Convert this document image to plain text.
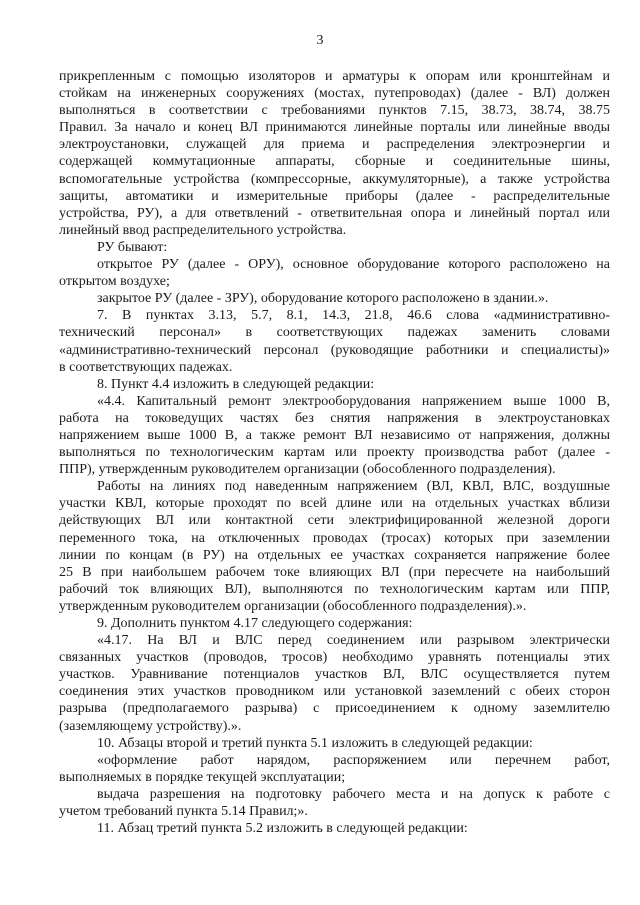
3
прикрепленным с помощью изоляторов и арматуры к опорам или кронштейнам и
стойкам на инженерных сооружениях (мостах, путепроводах) (далее - ВЛ) должен
выполняться в соответствии с требованиями пунктов 7.15, 38.73, 38.74, 38.75
Правил. За начало и конец ВЛ принимаются линейные порталы или линейные вводы
электроустановки, служащей для приема и распределения электроэнергии и
содержащей коммутационные аппараты, сборные и соединительные шины,
вспомогательные устройства (компрессорные, аккумуляторные), а также устройства
защиты, автоматики и измерительные приборы (далее - распределительные
устройства, РУ), а для ответвлений - ответвительная опора и линейный портал или
линейный ввод распределительного устройства.
РУ бывают:
открытое РУ (далее - ОРУ), основное оборудование которого расположено на
открытом воздухе;
закрытое РУ (далее - ЗРУ), оборудование которого расположено в здании.».
7. В пунктах 3.13, 5.7, 8.1, 14.3, 21.8, 46.6 слова «административно-
технический персонал» в соответствующих падежах заменить словами
«административно-технический персонал (руководящие работники и специалисты)»
в соответствующих падежах.
8. Пункт 4.4 изложить в следующей редакции:
«4.4. Капитальный ремонт электрооборудования напряжением выше 1000 В,
работа на токоведущих частях без снятия напряжения в электроустановках
напряжением выше 1000 В, а также ремонт ВЛ независимо от напряжения, должны
выполняться по технологическим картам или проекту производства работ (далее -
ППР), утвержденным руководителем организации (обособленного подразделения).
Работы на линиях под наведенным напряжением (ВЛ, КВЛ, ВЛС, воздушные
участки КВЛ, которые проходят по всей длине или на отдельных участках вблизи
действующих ВЛ или контактной сети электрифицированной железной дороги
переменного тока, на отключенных проводах (тросах) которых при заземлении
линии по концам (в РУ) на отдельных ее участках сохраняется напряжение более
25 В при наибольшем рабочем токе влияющих ВЛ (при пересчете на наибольший
рабочий ток влияющих ВЛ), выполняются по технологическим картам или ППР,
утвержденным руководителем организации (обособленного подразделения).».
9. Дополнить пунктом 4.17 следующего содержания:
«4.17. На ВЛ и ВЛС перед соединением или разрывом электрически
связанных участков (проводов, тросов) необходимо уравнять потенциалы этих
участков. Уравнивание потенциалов участков ВЛ, ВЛС осуществляется путем
соединения этих участков проводником или установкой заземлений с обеих сторон
разрыва (предполагаемого разрыва) с присоединением к одному заземлителю
(заземляющему устройству).».
10. Абзацы второй и третий пункта 5.1 изложить в следующей редакции:
«оформление работ нарядом, распоряжением или перечнем работ,
выполняемых в порядке текущей эксплуатации;
выдача разрешения на подготовку рабочего места и на допуск к работе с
учетом требований пункта 5.14 Правил;».
11. Абзац третий пункта 5.2 изложить в следующей редакции:
